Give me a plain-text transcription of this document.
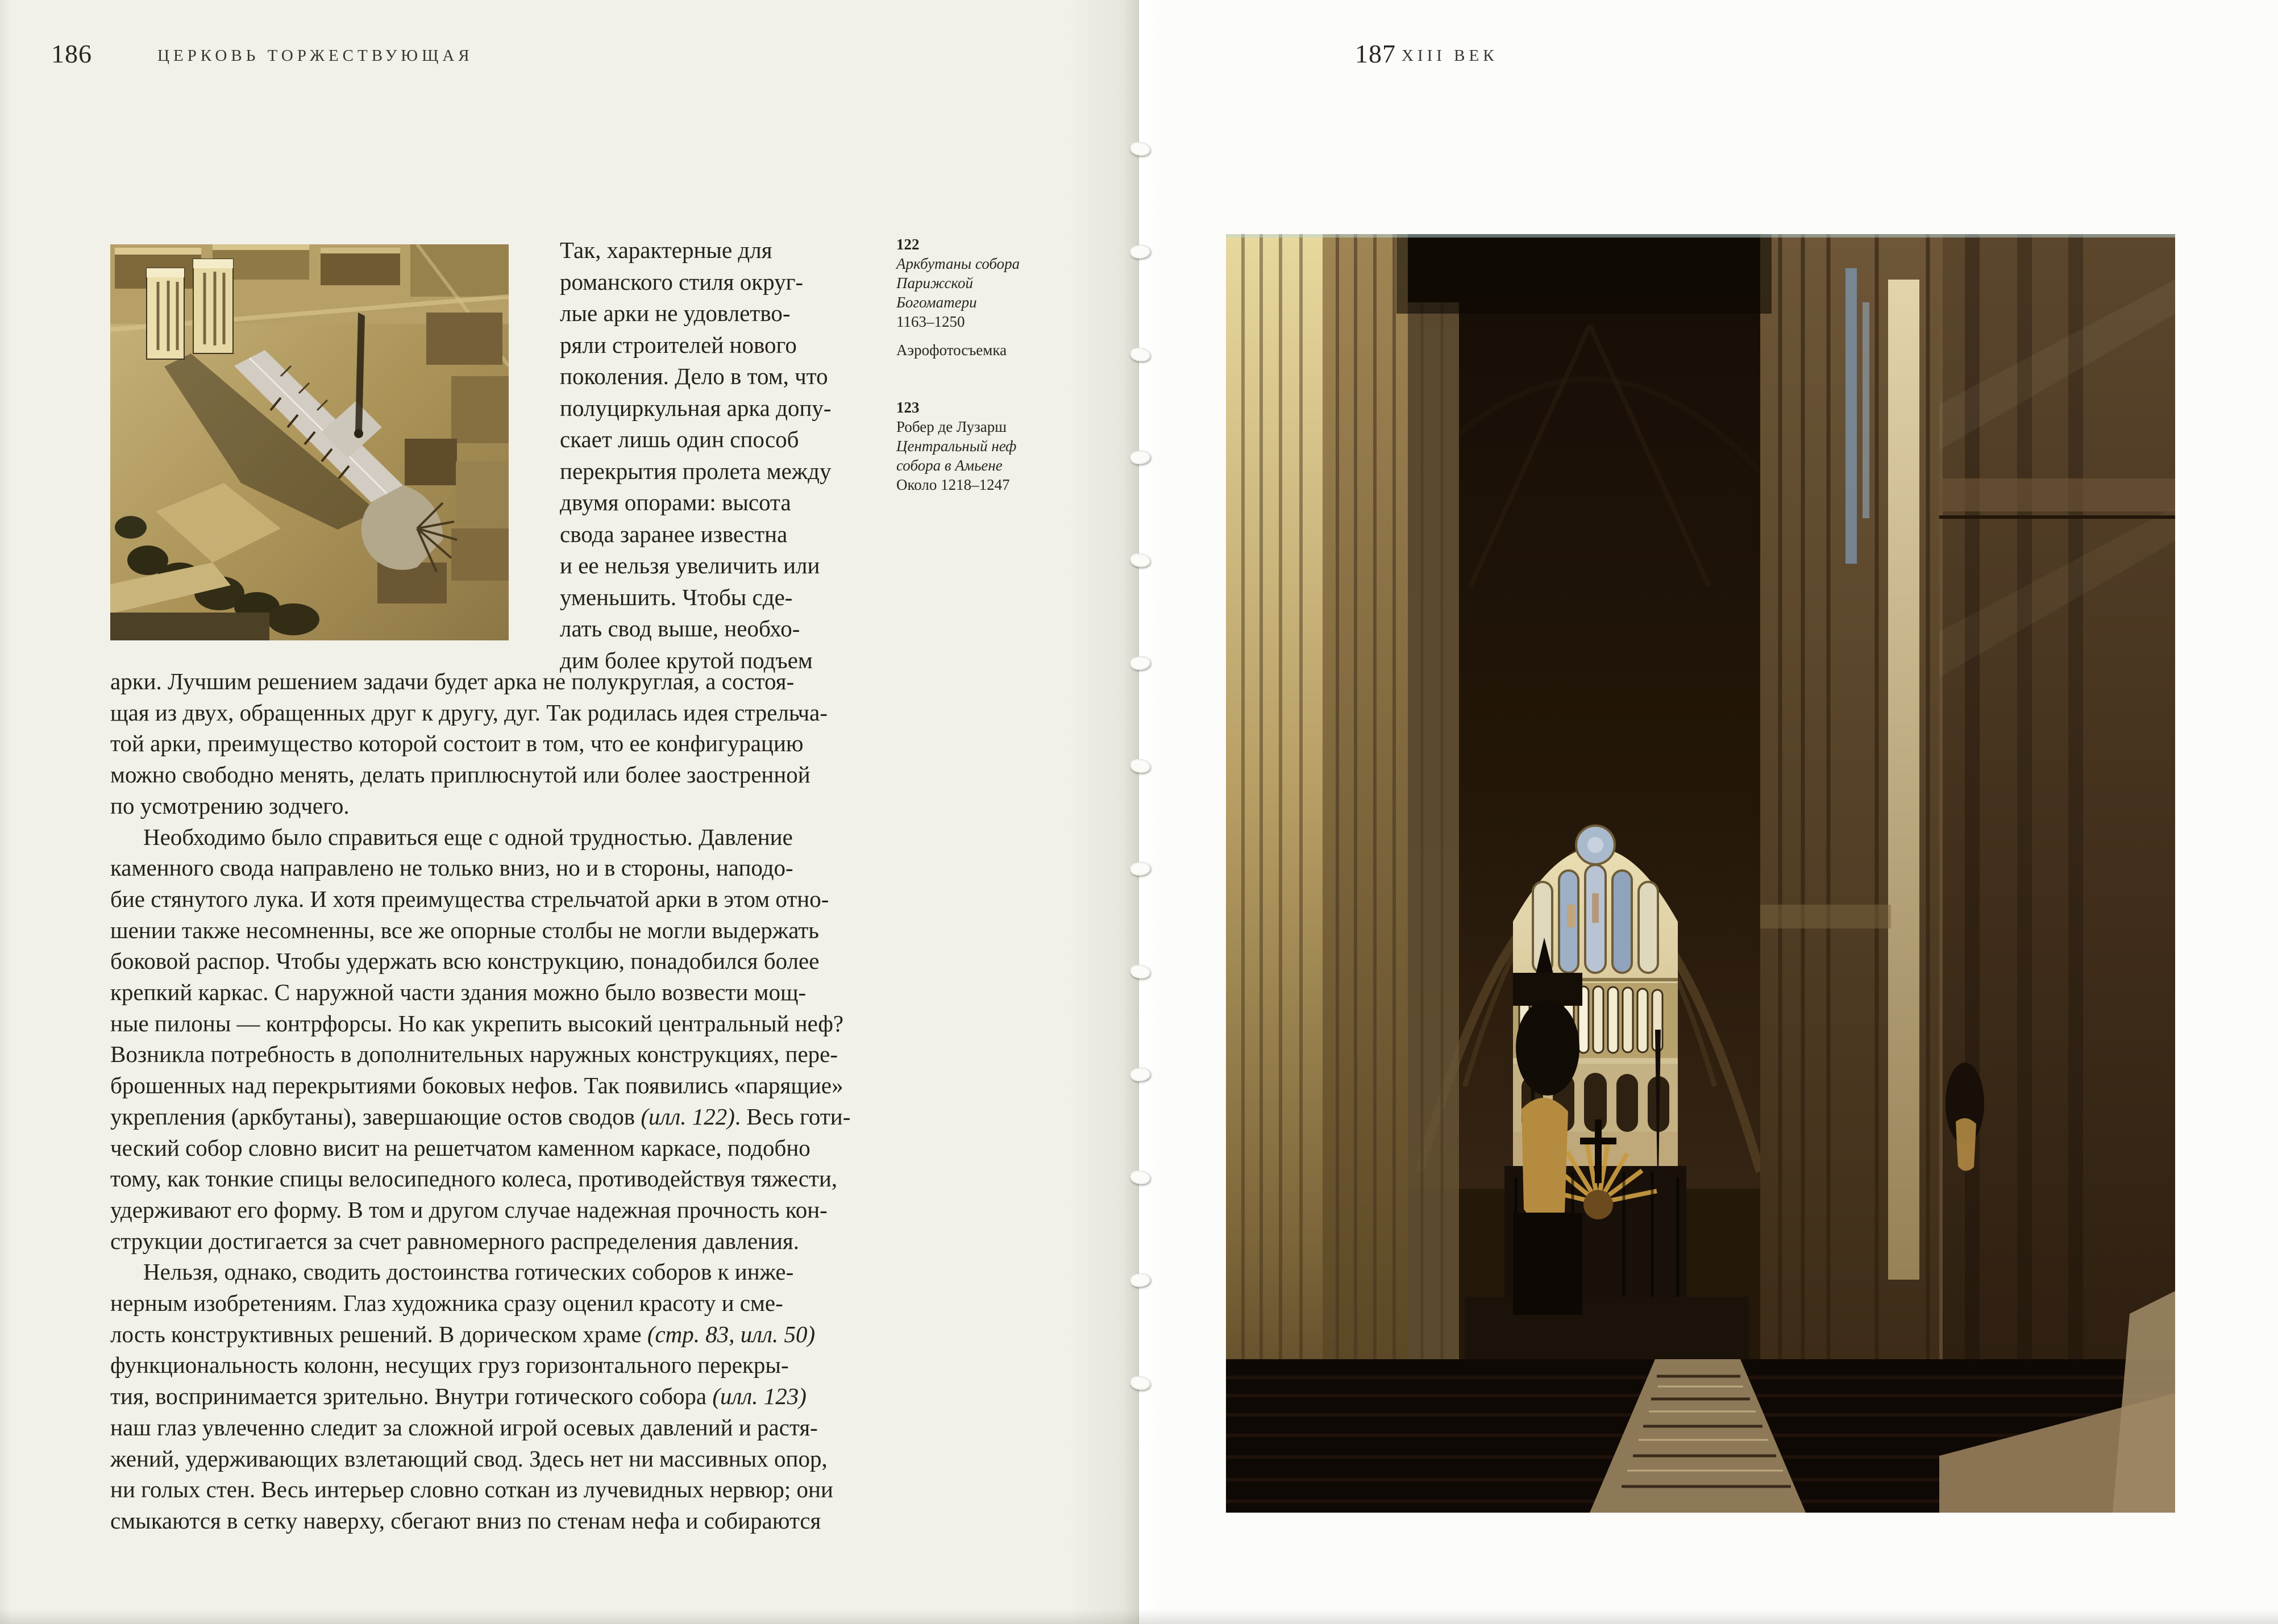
186	ЦЕРКОВЬ ТОРЖЕСТВУЮЩАЯ
Так, характерные для
романского стиля округ-
лые арки не удовлетво-
ряли строителей нового
поколения. Дело в том, что
полуциркульная арка допу-
скает лишь один способ
перекрытия пролета между
двумя опорами: высота
свода заранее известна
и ее нельзя увеличить или
уменьшить. Чтобы сде-
лать свод выше, необхо-
дим более крутой подъем
122
Аркбутаны собора
Парижской
Богоматери
1163–1250
Аэрофотосъемка
123
Робер де Лузарш
Центральный неф
собора в Амьене
Около 1218–1247
арки. Лучшим решением задачи будет арка не полукруглая, а состоя-
щая из двух, обращенных друг к другу, дуг. Так родилась идея стрельча-
той арки, преимущество которой состоит в том, что ее конфигурацию
можно свободно менять, делать приплюснутой или более заостренной
по усмотрению зодчего.
Необходимо было справиться еще с одной трудностью. Давление
каменного свода направлено не только вниз, но и в стороны, наподо-
бие стянутого лука. И хотя преимущества стрельчатой арки в этом отно-
шении также несомненны, все же опорные столбы не могли выдержать
боковой распор. Чтобы удержать всю конструкцию, понадобился более
крепкий каркас. С наружной части здания можно было возвести мощ-
ные пилоны — контрфорсы. Но как укрепить высокий центральный неф?
Возникла потребность в дополнительных наружных конструкциях, пере-
брошенных над перекрытиями боковых нефов. Так появились «парящие»
укрепления (аркбутаны), завершающие остов сводов (илл. 122). Весь готи-
ческий собор словно висит на решетчатом каменном каркасе, подобно
тому, как тонкие спицы велосипедного колеса, противодействуя тяжести,
удерживают его форму. В том и другом случае надежная прочность кон-
струкции достигается за счет равномерного распределения давления.
Нельзя, однако, сводить достоинства готических соборов к инже-
нерным изобретениям. Глаз художника сразу оценил красоту и сме-
лость конструктивных решений. В дорическом храме (стр. 83, илл. 50)
функциональность колонн, несущих груз горизонтального перекры-
тия, воспринимается зрительно. Внутри готического собора (илл. 123)
наш глаз увлеченно следит за сложной игрой осевых давлений и растя-
жений, удерживающих взлетающий свод. Здесь нет ни массивных опор,
ни голых стен. Весь интерьер словно соткан из лучевидных нервюр; они
смыкаются в сетку наверху, сбегают вниз по стенам нефа и собираются
187 XIII ВЕК
